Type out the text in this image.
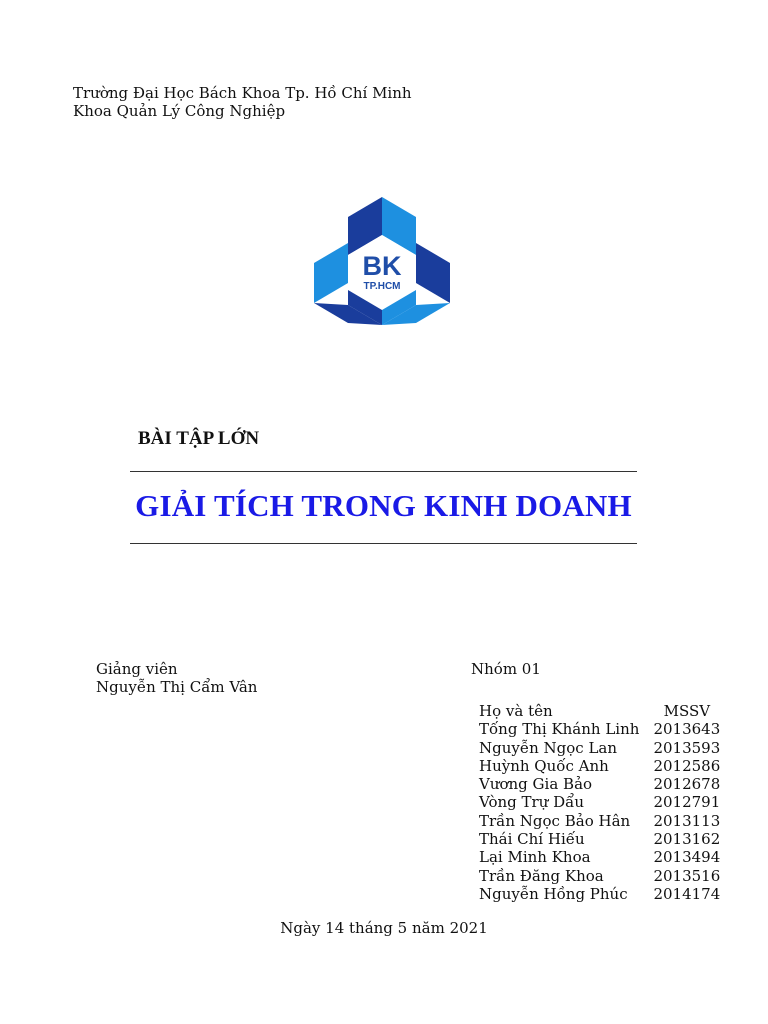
Trường Đại Học Bách Khoa Tp. Hồ Chí Minh
Khoa Quản Lý Công Nghiệp
BK
TP.HCM
BÀI TẬP LỚN
GIẢI TÍCH TRONG KINH DOANH
Giảng viên
Nguyễn Thị Cẩm Vân
Nhóm 01
Họ và tên	MSSV
Tống Thị Khánh Linh	2013643
Nguyễn Ngọc Lan	2013593
Huỳnh Quốc Anh	2012586
Vương Gia Bảo	2012678
Vòng Trự Dẩu	2012791
Trần Ngọc Bảo Hân	2013113
Thái Chí Hiếu	2013162
Lại Minh Khoa	2013494
Trần Đăng Khoa	2013516
Nguyễn Hồng Phúc	2014174
Ngày 14 tháng 5 năm 2021
